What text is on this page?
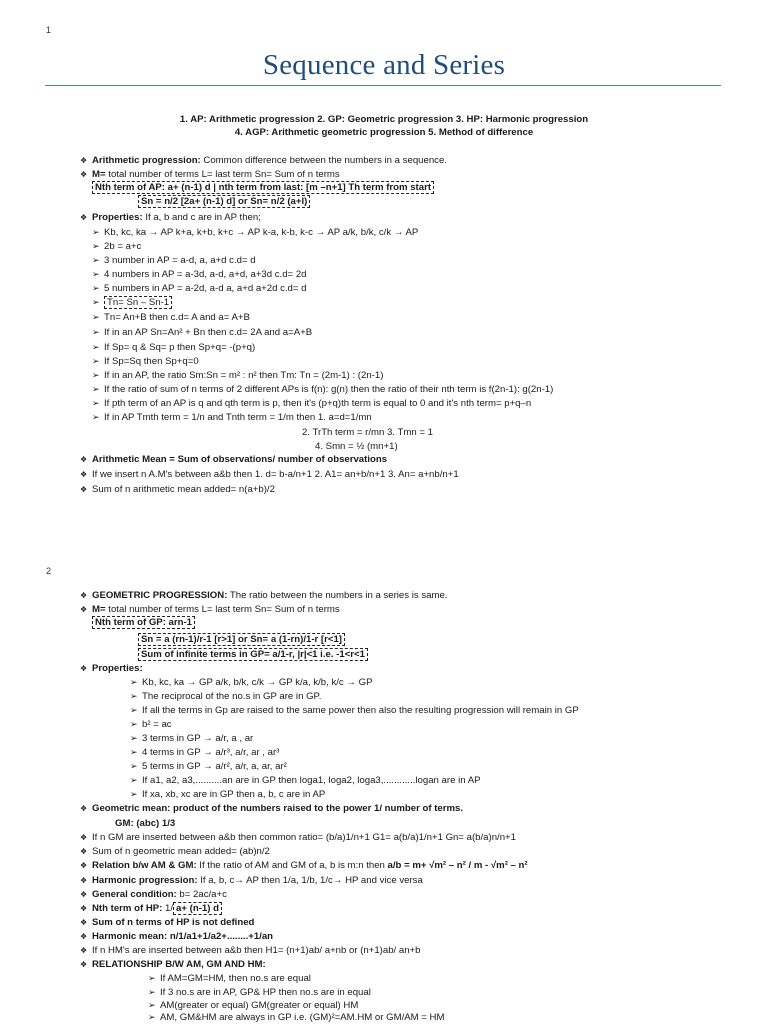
1
Sequence and Series
1. AP: Arithmetic progression 2. GP: Geometric progression 3. HP: Harmonic progression
4. AGP: Arithmetic geometric progression 5. Method of difference
❖ Arithmetic progression: Common difference between the numbers in a sequence.
❖ M= total number of terms L= last term Sn= Sum of n terms
Nth term of AP: a+ (n-1) d | nth term from last: [m –n+1] Th term from start
Sn = n/2 [2a+ (n-1) d] or Sn= n/2 (a+l)
❖ Properties: If a, b and c are in AP then;
➢ Kb, kc, ka → AP k+a, k+b, k+c → AP k-a, k-b, k-c → AP a/k, b/k, c/k → AP
➢ 2b = a+c
➢ 3 number in AP = a-d, a, a+d c.d= d
➢ 4 numbers in AP = a-3d, a-d, a+d, a+3d c.d= 2d
➢ 5 numbers in AP = a-2d, a-d a, a+d a+2d c.d= d
➢ Tn= Sn – Sn-1
➢ Tn= An+B then c.d= A and a= A+B
➢ If in an AP Sn=An² + Bn then c.d= 2A and a=A+B
➢ If Sp= q & Sq= p then Sp+q= -(p+q)
➢ If Sp=Sq then Sp+q=0
➢ If in an AP, the ratio Sm:Sn = m² : n² then Tm: Tn = (2m-1) : (2n-1)
➢ If the ratio of sum of n terms of 2 different APs is f(n): g(n) then the ratio of their nth term is f(2n-1): g(2n-1)
➢ If pth term of an AP is q and qth term is p, then it's (p+q)th term is equal to 0 and it's nth term= p+q–n
➢ If in AP Tmth term = 1/n and Tnth term = 1/m then 1. a=d=1/mn
2. TrTh term = r/mn 3. Tmn = 1
4. Smn = ½ (mn+1)
❖ Arithmetic Mean = Sum of observations/ number of observations
❖ If we insert n A.M's between a&b then 1. d= b-a/n+1 2. A1= an+b/n+1 3. An= a+nb/n+1
❖ Sum of n arithmetic mean added= n(a+b)/2
2
❖ GEOMETRIC PROGRESSION: The ratio between the numbers in a series is same.
❖ M= total number of terms L= last term Sn= Sum of n terms
Nth term of GP: arn-1
Sn = a (rn-1)/r-1 [r>1] or Sn= a (1-rn)/1-r [r<1]
Sum of infinite terms in GP= a/1-r, |r|<1 i.e. -1<r<1
❖ Properties:
➢ Kb, kc, ka → GP a/k, b/k, c/k → GP k/a, k/b, k/c → GP
➢ The reciprocal of the no.s in GP are in GP.
➢ If all the terms in Gp are raised to the same power then also the resulting progression will remain in GP
➢ b² = ac
➢ 3 terms in GP → a/r, a , ar
➢ 4 terms in GP → a/r³, a/r, ar , ar³
➢ 5 terms in GP → a/r², a/r, a, ar, ar²
➢ If a1, a2, a3,..........an are in GP then loga1, loga2, loga3,............logan are in AP
➢ If xa, xb, xc are in GP then a, b, c are in AP
❖ Geometric mean: product of the numbers raised to the power 1/ number of terms.
GM: (abc) 1/3
❖ If n GM are inserted between a&b then common ratio= (b/a)1/n+1 G1= a(b/a)1/n+1 Gn= a(b/a)n/n+1
❖ Sum of n geometric mean added= (ab)n/2
❖ Relation b/w AM & GM: If the ratio of AM and GM of a, b is m:n then a/b = m+ √m² – n² / m - √m² – n²
❖ Harmonic progression: If a, b, c→ AP then 1/a, 1/b, 1/c→ HP and vice versa
❖ General condition: b= 2ac/a+c
❖ Nth term of HP: 1/ a+ (n-1) d
❖ Sum of n terms of HP is not defined
❖ Harmonic mean: n/1/a1+1/a2+........+1/an
❖ If n HM's are inserted between a&b then H1= (n+1)ab/ a+nb or (n+1)ab/ an+b
❖ RELATIONSHIP B/W AM, GM AND HM:
➢ If AM=GM=HM, then no.s are equal
➢ If 3 no.s are in AP, GP& HP then no.s are in equal
➢ AM(greater or equal) GM(greater or equal) HM
➢ AM, GM&HM are always in GP i.e. (GM)²=AM.HM or GM/AM = HM
